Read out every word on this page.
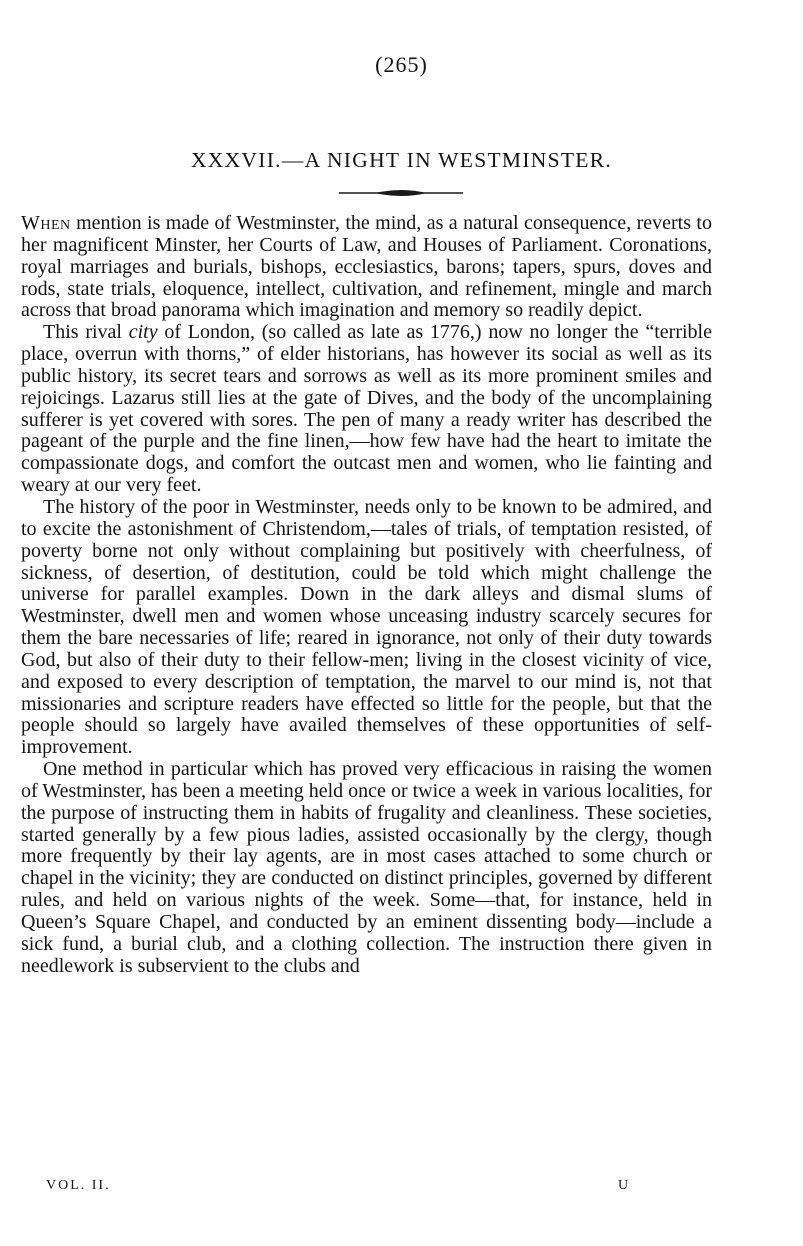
(265)
XXXVII.—A NIGHT IN WESTMINSTER.

When mention is made of Westminster, the mind, as a natural consequence, reverts to her magnificent Minster, her Courts of Law, and Houses of Parliament. Coronations, royal marriages and burials, bishops, ecclesiastics, barons; tapers, spurs, doves and rods, state trials, eloquence, intellect, cultivation, and refinement, mingle and march across that broad panorama which imagination and memory so readily depict.

This rival city of London, (so called as late as 1776,) now no longer the “terrible place, overrun with thorns,” of elder historians, has however its social as well as its public history, its secret tears and sorrows as well as its more prominent smiles and rejoicings. Lazarus still lies at the gate of Dives, and the body of the uncomplaining sufferer is yet covered with sores. The pen of many a ready writer has described the pageant of the purple and the fine linen,—how few have had the heart to imitate the compassionate dogs, and comfort the outcast men and women, who lie fainting and weary at our very feet.

The history of the poor in Westminster, needs only to be known to be admired, and to excite the astonishment of Christendom,—tales of trials, of temptation resisted, of poverty borne not only without complaining but positively with cheerfulness, of sickness, of desertion, of destitution, could be told which might challenge the universe for parallel examples. Down in the dark alleys and dismal slums of Westminster, dwell men and women whose unceasing industry scarcely secures for them the bare necessaries of life; reared in ignorance, not only of their duty towards God, but also of their duty to their fellow-men; living in the closest vicinity of vice, and exposed to every description of temptation, the marvel to our mind is, not that missionaries and scripture readers have effected so little for the people, but that the people should so largely have availed themselves of these opportunities of self-improvement.

One method in particular which has proved very efficacious in raising the women of Westminster, has been a meeting held once or twice a week in various localities, for the purpose of instructing them in habits of frugality and cleanliness. These societies, started generally by a few pious ladies, assisted occasionally by the clergy, though more frequently by their lay agents, are in most cases attached to some church or chapel in the vicinity; they are conducted on distinct principles, governed by different rules, and held on various nights of the week. Some—that, for instance, held in Queen’s Square Chapel, and conducted by an eminent dissenting body—include a sick fund, a burial club, and a clothing collection. The instruction there given in needlework is subservient to the clubs and

VOL. II.	U
